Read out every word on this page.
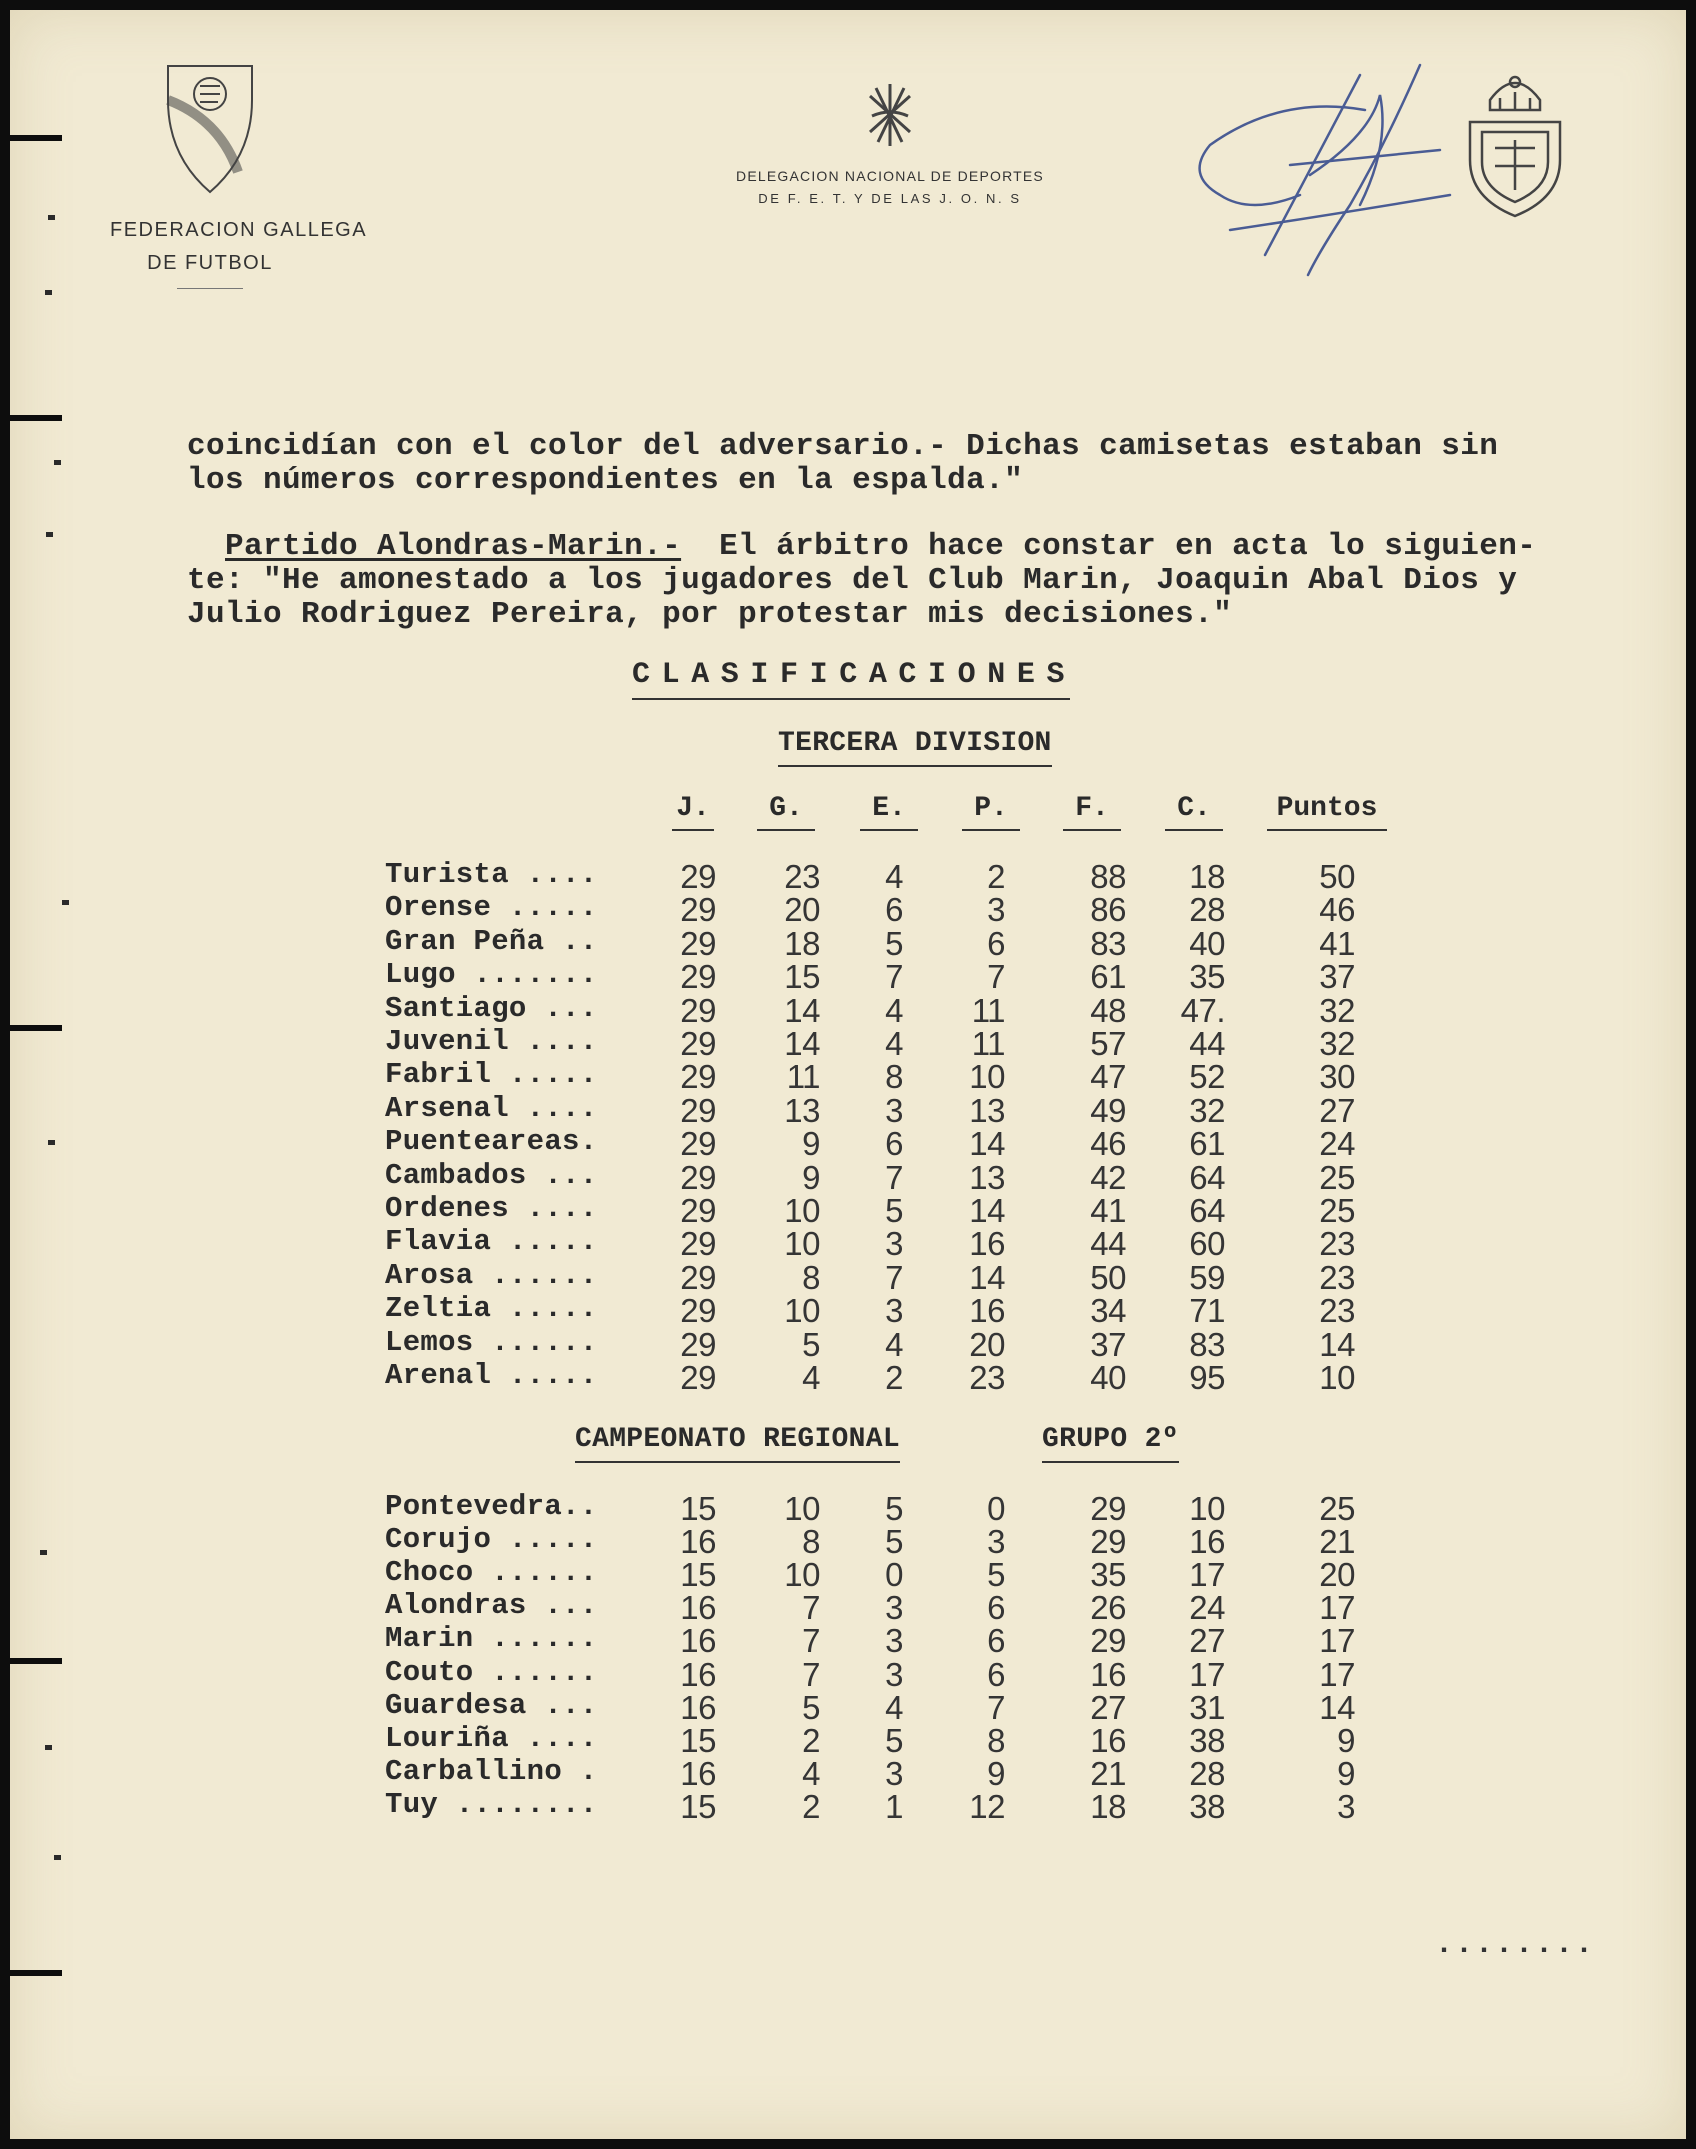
FEDERACION GALLEGA
DE FUTBOL
DELEGACION NACIONAL DE DEPORTES
DE F. E. T. Y DE LAS J. O. N. S
coincidían con el color del adversario.- Dichas camisetas estaban sin
los números correspondientes en la espalda."
Partido Alondras-Marin.-  El árbitro hace constar en acta lo siguien-
te: "He amonestado a los jugadores del Club Marin, Joaquin Abal Dios y
Julio Rodriguez Pereira, por protestar mis decisiones."
CLASIFICACIONES
TERCERA DIVISION
J.	G.	E.	P.	F.	C.	Puntos
Turista ....	29	23	4	2	88	18	50
Orense .....	29	20	6	3	86	28	46
Gran Peña ..	29	18	5	6	83	40	41
Lugo .......	29	15	7	7	61	35	37
Santiago ...	29	14	4	11	48	47.	32
Juvenil ....	29	14	4	11	57	44	32
Fabril .....	29	11	8	10	47	52	30
Arsenal ....	29	13	3	13	49	32	27
Puenteareas.	29	9	6	14	46	61	24
Cambados ...	29	9	7	13	42	64	25
Ordenes ....	29	10	5	14	41	64	25
Flavia .....	29	10	3	16	44	60	23
Arosa ......	29	8	7	14	50	59	23
Zeltia .....	29	10	3	16	34	71	23
Lemos ......	29	5	4	20	37	83	14
Arenal .....	29	4	2	23	40	95	10
CAMPEONATO REGIONAL	GRUPO 2º
Pontevedra..	15	10	5	0	29	10	25
Corujo .....	16	8	5	3	29	16	21
Choco ......	15	10	0	5	35	17	20
Alondras ...	16	7	3	6	26	24	17
Marin ......	16	7	3	6	29	27	17
Couto ......	16	7	3	6	16	17	17
Guardesa ...	16	5	4	7	27	31	14
Louriña ....	15	2	5	8	16	38	9
Carballino .	16	4	3	9	21	28	9
Tuy ........	15	2	1	12	18	38	3
........
